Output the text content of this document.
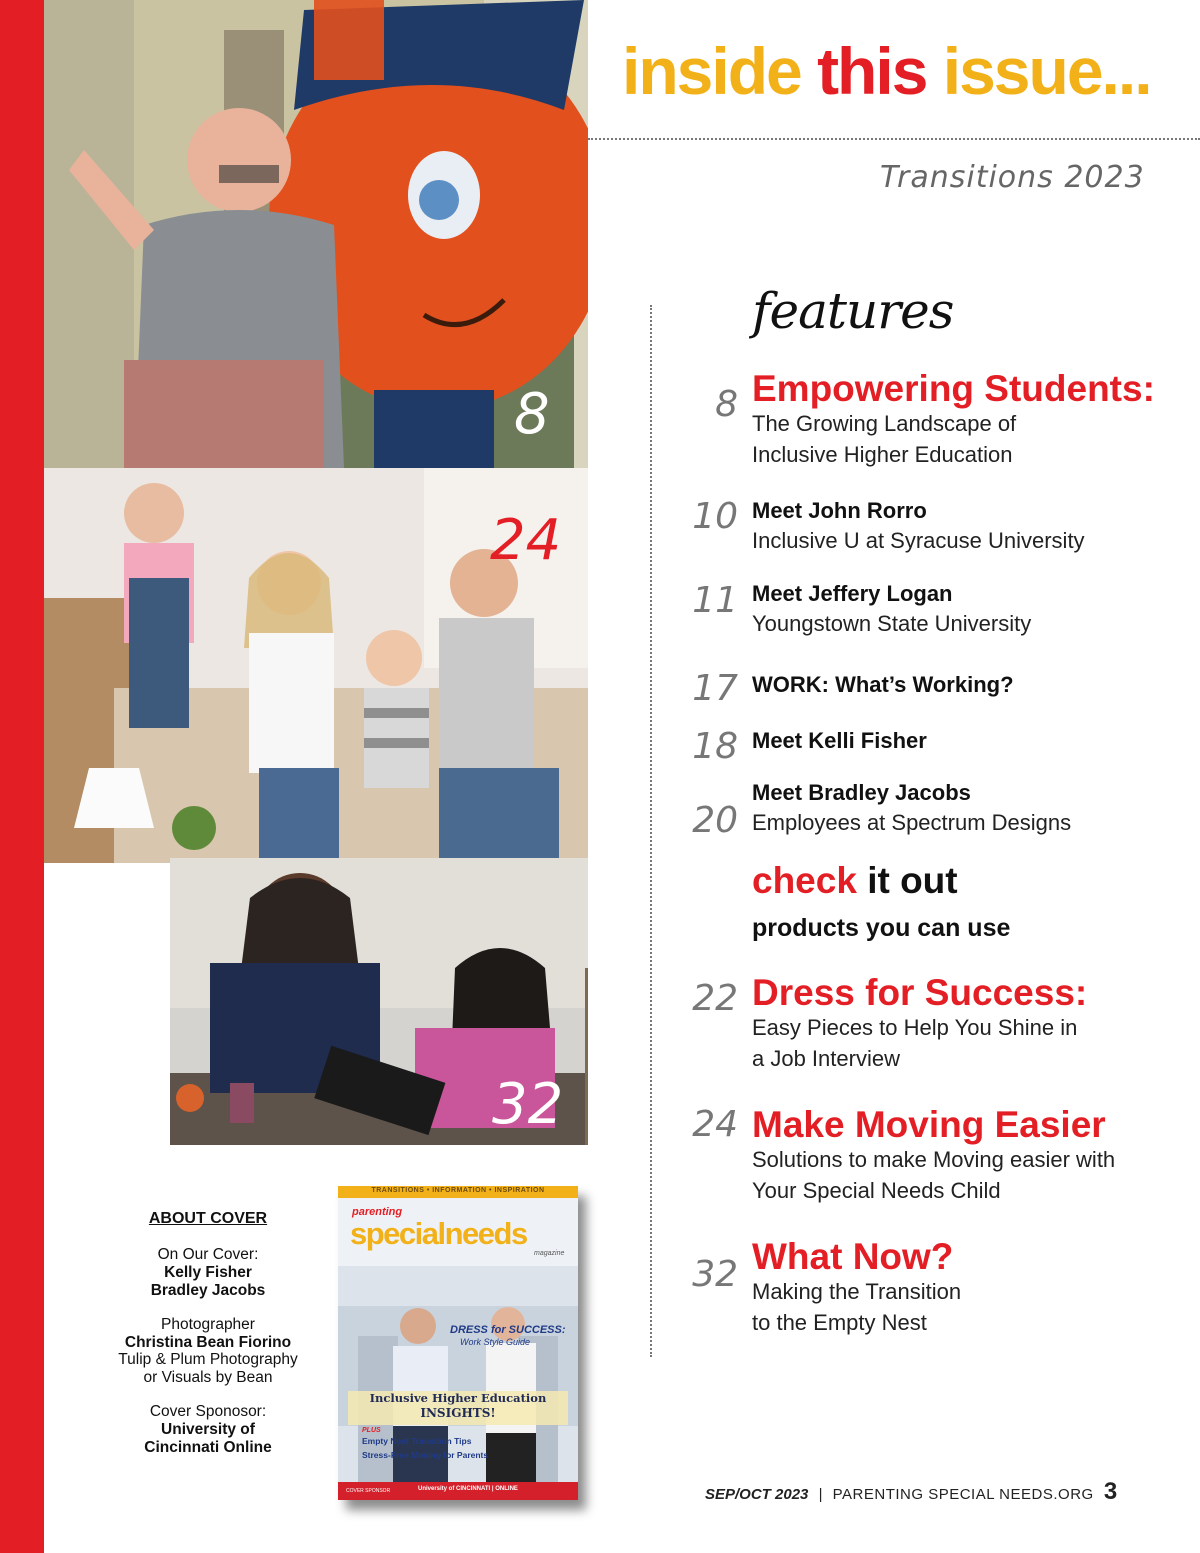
inside this issue...
Transitions 2023
features
8 Empowering Students:
The Growing Landscape of
Inclusive Higher Education
10 Meet John Rorro
Inclusive U at Syracuse University
11 Meet Jeffery Logan
Youngstown State University
17 WORK: What’s Working?
18 Meet Kelli Fisher
20
Meet Bradley Jacobs
Employees at Spectrum Designs
22 Dress for Success:
Easy Pieces to Help You Shine in
a Job Interview
24 Make Moving Easier
Solutions to make Moving easier with
Your Special Needs Child
32 What Now?
Making the Transition
to the Empty Nest
check it out
products you can use
8
24
32
ABOUT COVER
On Our Cover:
Kelly Fisher
Bradley Jacobs
Photographer
Christina Bean Fiorino
Tulip & Plum Photography
or Visuals by Bean
Cover Sponosor:
University of
Cincinnati Online
TRANSITIONS • INFORMATION • INSPIRATION
parenting
specialneeds
magazine
DRESS for SUCCESS:
Work Style Guide
Inclusive Higher Education
INSIGHTS!
PLUS
Empty Nest Transition Tips
Stress-Free Moving for Parents
COVER SPONSOR	University of CINCINNATI | ONLINE	SEP/OCT 2023 | PARENTING SPECIAL NEEDS.ORG 3
